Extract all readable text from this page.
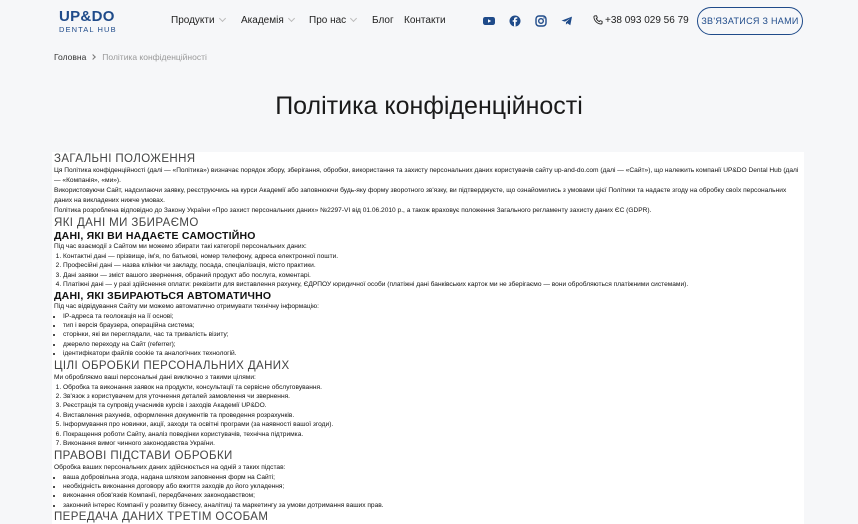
UP&DO
DENTAL HUB
Продукти	Академія	Про нас	Блог Контакти	+38 093 029 56 79	ЗВ'ЯЗАТИСЯ З НАМИ
Головна Політика конфіденційності
Політика конфіденційності
ЗАГАЛЬНІ ПОЛОЖЕННЯ
Ця Політика конфіденційності (далі — «Політика») визначає порядок збору, зберігання, обробки, використання та захисту персональних даних користувачів сайту up-and-do.com (далі — «Сайт»), що належить компанії UP&DO Dental Hub (далі — «Компанія», «ми»).
Використовуючи Сайт, надсилаючи заявку, реєструючись на курси Академії або заповнюючи будь-яку форму зворотного зв'язку, ви підтверджуєте, що ознайомились з умовами цієї Політики та надаєте згоду на обробку своїх персональних даних на викладених нижче умовах.
Політика розроблена відповідно до Закону України «Про захист персональних даних» №2297-VI від 01.06.2010 р., а також враховує положення Загального регламенту захисту даних ЄС (GDPR).
ЯКІ ДАНІ МИ ЗБИРАЄМО
ДАНІ, ЯКІ ВИ НАДАЄТЕ САМОСТІЙНО
Під час взаємодії з Сайтом ми можемо збирати такі категорії персональних даних:
1. Контактні дані — прізвище, ім'я, по батькові, номер телефону, адреса електронної пошти.
2. Професійні дані — назва клініки чи закладу, посада, спеціалізація, місто практики.
3. Дані заявки — зміст вашого звернення, обраний продукт або послуга, коментарі.
4. Платіжні дані — у разі здійснення оплати: реквізити для виставлення рахунку, ЄДРПОУ юридичної особи (платіжні дані банківських карток ми не зберігаємо — вони обробляються платіжними системами).
ДАНІ, ЯКІ ЗБИРАЮТЬСЯ АВТОМАТИЧНО
Під час відвідування Сайту ми можемо автоматично отримувати технічну інформацію:
• IP-адреса та геолокація на її основі;
• тип і версія браузера, операційна система;
• сторінки, які ви переглядали, час та тривалість візиту;
• джерело переходу на Сайт (referrer);
• ідентифікатори файлів cookie та аналогічних технологій.
ЦІЛІ ОБРОБКИ ПЕРСОНАЛЬНИХ ДАНИХ
Ми обробляємо ваші персональні дані виключно з такими цілями:
1. Обробка та виконання заявок на продукти, консультації та сервісне обслуговування.
2. Зв'язок з користувачем для уточнення деталей замовлення чи звернення.
3. Реєстрація та супровід учасників курсів і заходів Академії UP&DO.
4. Виставлення рахунків, оформлення документів та проведення розрахунків.
5. Інформування про новинки, акції, заходи та освітні програми (за наявності вашої згоди).
6. Покращення роботи Сайту, аналіз поведінки користувачів, технічна підтримка.
7. Виконання вимог чинного законодавства України.
ПРАВОВІ ПІДСТАВИ ОБРОБКИ
Обробка ваших персональних даних здійснюється на одній з таких підстав:
• ваша добровільна згода, надана шляхом заповнення форм на Сайті;
• необхідність виконання договору або вжиття заходів до його укладення;
• виконання обов'язків Компанії, передбачених законодавством;
• законний інтерес Компанії у розвитку бізнесу, аналітиці та маркетингу за умови дотримання ваших прав.
ПЕРЕДАЧА ДАНИХ ТРЕТІМ ОСОБАМ
